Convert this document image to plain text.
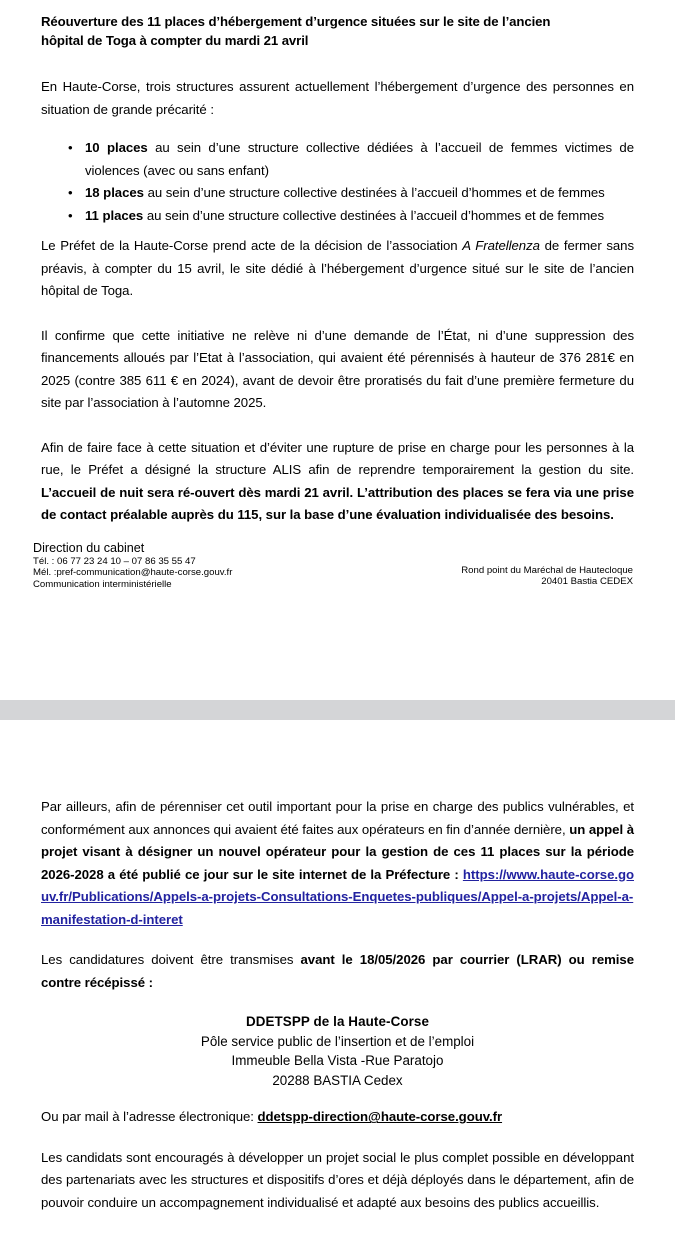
Réouverture des 11 places d’hébergement d’urgence situées sur le site de l’ancien
hôpital de Toga à compter du mardi 21 avril

En Haute-Corse, trois structures assurent actuellement l’hébergement d’urgence des personnes en situation de grande précarité :

• 10 places au sein d’une structure collective dédiées à l’accueil de femmes victimes de violences (avec ou sans enfant)
• 18 places au sein d’une structure collective destinées à l’accueil d’hommes et de femmes
• 11 places au sein d’une structure collective destinées à l’accueil d’hommes et de femmes

Le Préfet de la Haute-Corse prend acte de la décision de l’association A Fratellenza de fermer sans préavis, à compter du 15 avril, le site dédié à l’hébergement d’urgence situé sur le site de l’ancien hôpital de Toga.

Il confirme que cette initiative ne relève ni d’une demande de l’État, ni d’une suppression des financements alloués par l’Etat à l’association, qui avaient été pérennisés à hauteur de 376 281€ en 2025 (contre 385 611 € en 2024), avant de devoir être proratisés du fait d’une première fermeture du site par l’association à l’automne 2025.

Afin de faire face à cette situation et d’éviter une rupture de prise en charge pour les personnes à la rue, le Préfet a désigné la structure ALIS afin de reprendre temporairement la gestion du site. L’accueil de nuit sera ré-ouvert dès mardi 21 avril. L’attribution des places se fera via une prise de contact préalable auprès du 115, sur la base d’une évaluation individualisée des besoins.

Direction du cabinet

Tél. : 06 77 23 24 10 – 07 86 35 55 47

Mél. :pref-communication@haute-corse.gouv.fr

Communication interministérielle

Rond point du Maréchal de Hautecloque

20401 Bastia CEDEX

Par ailleurs, afin de pérenniser cet outil important pour la prise en charge des publics vulnérables, et conformément aux annonces qui avaient été faites aux opérateurs en fin d’année dernière, un appel à projet visant à désigner un nouvel opérateur pour la gestion de ces 11 places sur la période 2026-2028 a été publié ce jour sur le site internet de la Préfecture : https://www.haute-corse.gouv.fr/Publications/Appels-a-projets-Consultations-Enquetes-publiques/Appel-a-projets/Appel-a-manifestation-d-interet

Les candidatures doivent être transmises avant le 18/05/2026 par courrier (LRAR) ou remise contre récépissé :

DDETSPP de la Haute-Corse
Pôle service public de l’insertion et de l’emploi
Immeuble Bella Vista -Rue Paratojo
20288 BASTIA Cedex

Ou par mail à l’adresse électronique: ddetspp-direction@haute-corse.gouv.fr

Les candidats sont encouragés à développer un projet social le plus complet possible en développant des partenariats avec les structures et dispositifs d’ores et déjà déployés dans le département, afin de pouvoir conduire un accompagnement individualisé et adapté aux besoins des publics accueillis.
